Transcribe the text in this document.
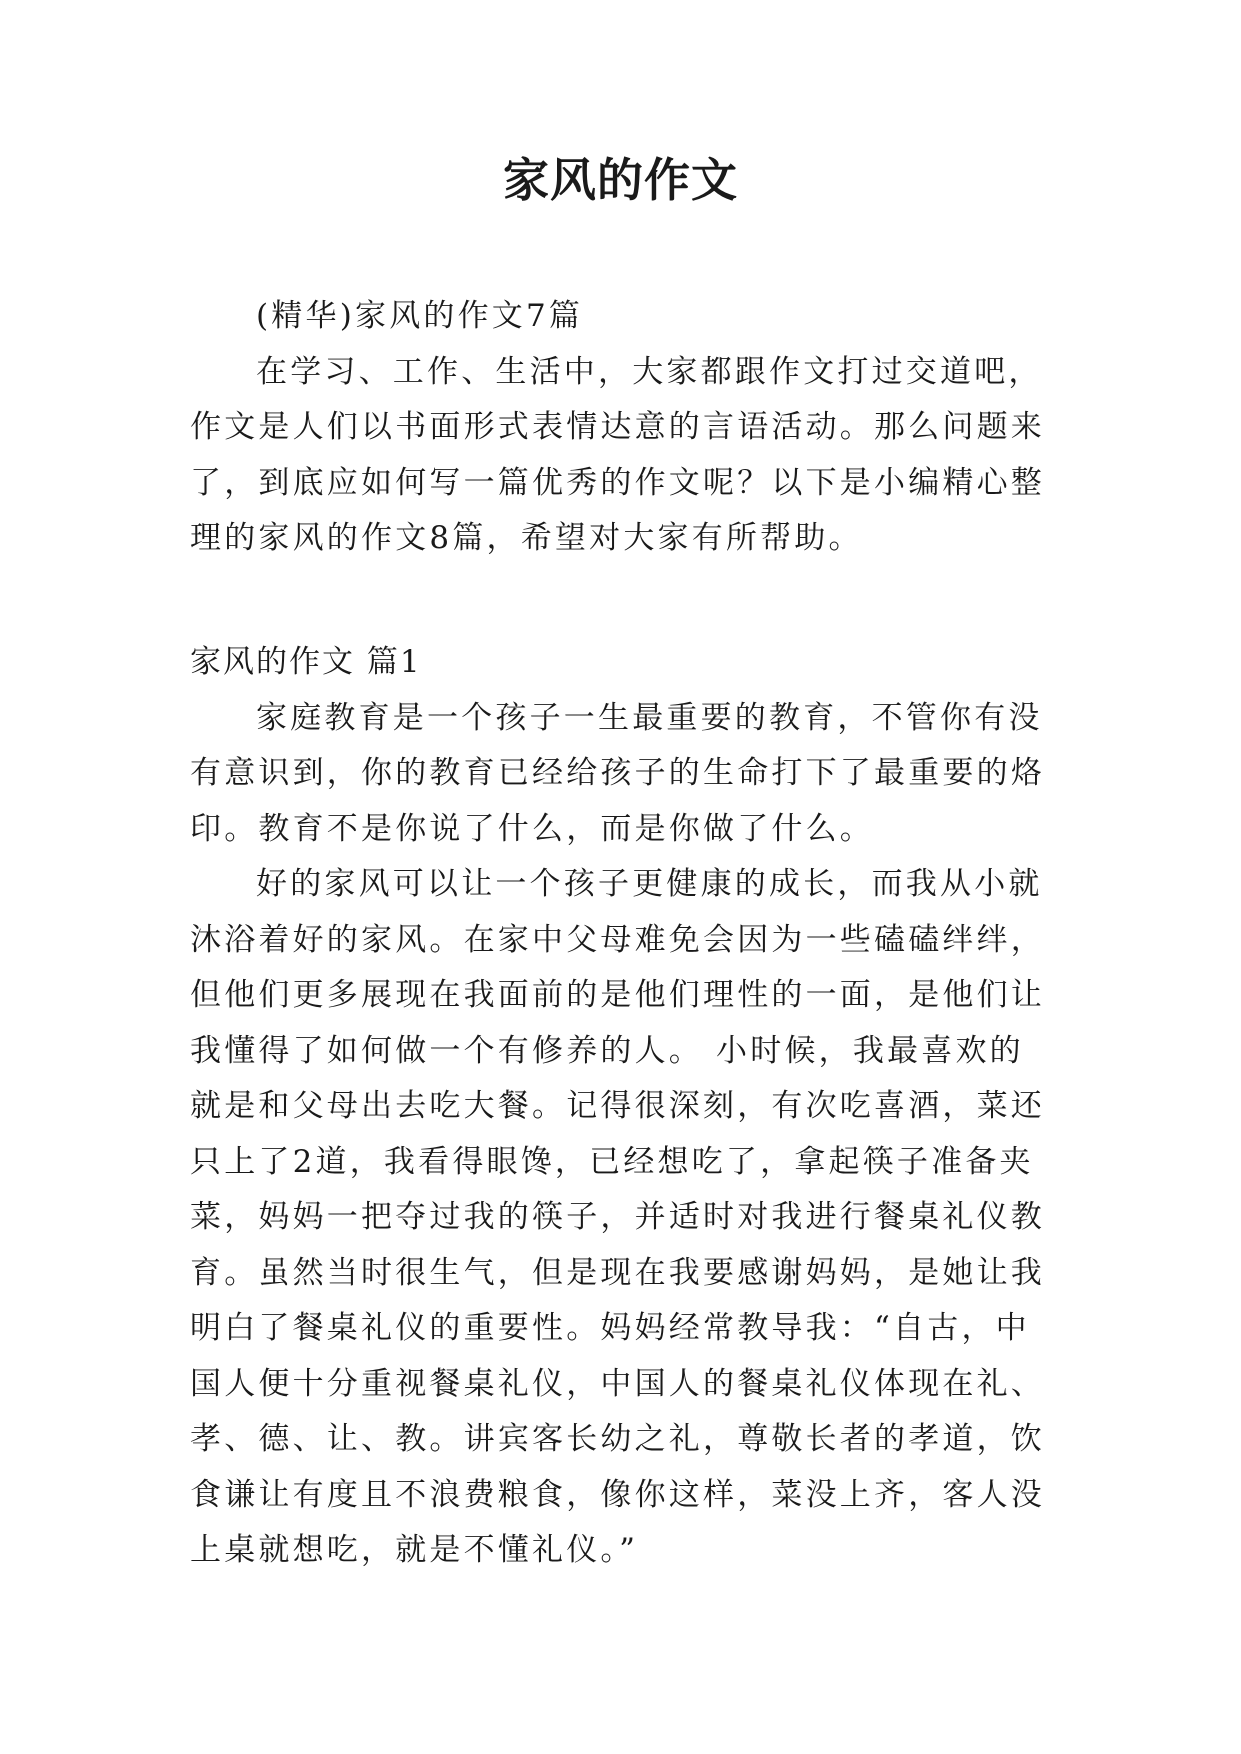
家风的作文

(精华)家风的作文7篇

在学习、工作、生活中，大家都跟作文打过交道吧，作文是人们以书面形式表情达意的言语活动。那么问题来了，到底应如何写一篇优秀的作文呢？以下是小编精心整理的家风的作文8篇，希望对大家有所帮助。

家风的作文 篇1

家庭教育是一个孩子一生最重要的教育，不管你有没有意识到，你的教育已经给孩子的生命打下了最重要的烙印。教育不是你说了什么，而是你做了什么。

好的家风可以让一个孩子更健康的成长，而我从小就沐浴着好的家风。在家中父母难免会因为一些磕磕绊绊，但他们更多展现在我面前的是他们理性的一面，是他们让我懂得了如何做一个有修养的人。 小时候，我最喜欢的就是和父母出去吃大餐。记得很深刻，有次吃喜酒，菜还只上了2道，我看得眼馋，已经想吃了，拿起筷子准备夹菜，妈妈一把夺过我的筷子，并适时对我进行餐桌礼仪教育。虽然当时很生气，但是现在我要感谢妈妈，是她让我明白了餐桌礼仪的重要性。妈妈经常教导我：“自古，中国人便十分重视餐桌礼仪，中国人的餐桌礼仪体现在礼、孝、德、让、教。讲宾客长幼之礼，尊敬长者的孝道，饮食谦让有度且不浪费粮食，像你这样，菜没上齐，客人没上桌就想吃，就是不懂礼仪。”
